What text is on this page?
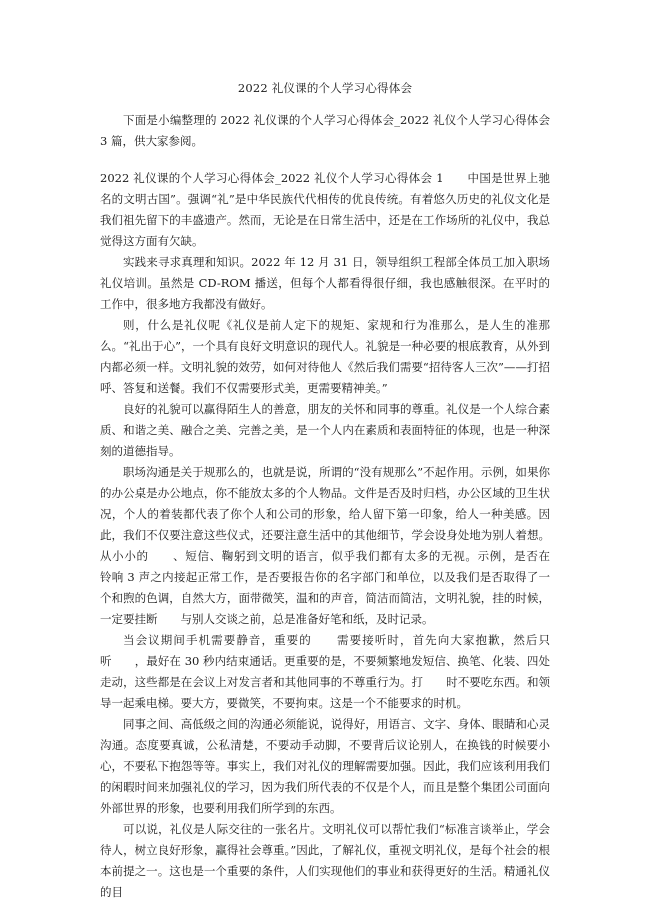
2022 礼仪课的个人学习心得体会
下面是小编整理的 2022 礼仪课的个人学习心得体会_2022 礼仪个人学习心得体会 3 篇，供大家参阅。

2022 礼仪课的个人学习心得体会_2022 礼仪个人学习心得体会 1　　中国是世界上驰名的文明古国”。强调“礼”是中华民族代代相传的优良传统。有着悠久历史的礼仪文化是我们祖先留下的丰盛遗产。然而，无论是在日常生活中，还是在工作场所的礼仪中，我总觉得这方面有欠缺。

实践来寻求真理和知识。2022 年 12 月 31 日，领导组织工程部全体员工加入职场礼仪培训。虽然是 CD-ROM 播送，但每个人都看得很仔细，我也感触很深。在平时的工作中，很多地方我都没有做好。

则，什么是礼仪呢《礼仪是前人定下的规矩、家规和行为准那么，是人生的准那么。“礼出于心”，一个具有良好文明意识的现代人。礼貌是一种必要的根底教育，从外到内都必须一样。文明礼貌的效劳，如何对待他人《然后我们需要“招待客人三次”——打招呼、答复和送餐。我们不仅需要形式美，更需要精神美。”

良好的礼貌可以赢得陌生人的善意，朋友的关怀和同事的尊重。礼仪是一个人综合素质、和谐之美、融合之美、完善之美，是一个人内在素质和表面特征的体现，也是一种深刻的道德指导。

职场沟通是关于规那么的，也就是说，所谓的“没有规那么”不起作用。示例，如果你的办公桌是办公地点，你不能放太多的个人物品。文件是否及时归档，办公区域的卫生状况，个人的着装都代表了你个人和公司的形象，给人留下第一印象，给人一种美感。因此，我们不仅要注意这些仪式，还要注意生活中的其他细节，学会设身处地为别人着想。从小小的　　、短信、鞠躬到文明的语言，似乎我们都有太多的无视。示例，是否在　　铃响 3 声之内接起正常工作，是否要报告你的名字部门和单位，以及我们是否取得了一个和煦的色调，自然大方，面带微笑，温和的声音，简洁而简洁，文明礼貌，挂的时候，一定要挂断　　与别人交谈之前，总是准备好笔和纸，及时记录。

当会议期间手机需要静音，重要的　　需要接听时，首先向大家抱歉，然后只听　　，最好在 30 秒内结束通话。更重要的是，不要频繁地发短信、换笔、化装、四处走动，这些都是在会议上对发言者和其他同事的不尊重行为。打　　时不要吃东西。和领导一起乘电梯。要大方，要微笑，不要拘束。这是一个不能要求的时机。

同事之间、高低级之间的沟通必须能说，说得好，用语言、文字、身体、眼睛和心灵沟通。态度要真诚，公私清楚，不要动手动脚，不要背后议论别人，在换钱的时候要小心，不要私下抱怨等等。事实上，我们对礼仪的理解需要加强。因此，我们应该利用我们的闲暇时间来加强礼仪的学习，因为我们所代表的不仅是个人，而且是整个集团公司面向外部世界的形象，也要利用我们所学到的东西。

可以说，礼仪是人际交往的一张名片。文明礼仪可以帮忙我们“标准言谈举止，学会待人，树立良好形象，赢得社会尊重。”因此，了解礼仪，重视文明礼仪，是每个社会的根本前提之一。这也是一个重要的条件，人们实现他们的事业和获得更好的生活。精通礼仪的目
